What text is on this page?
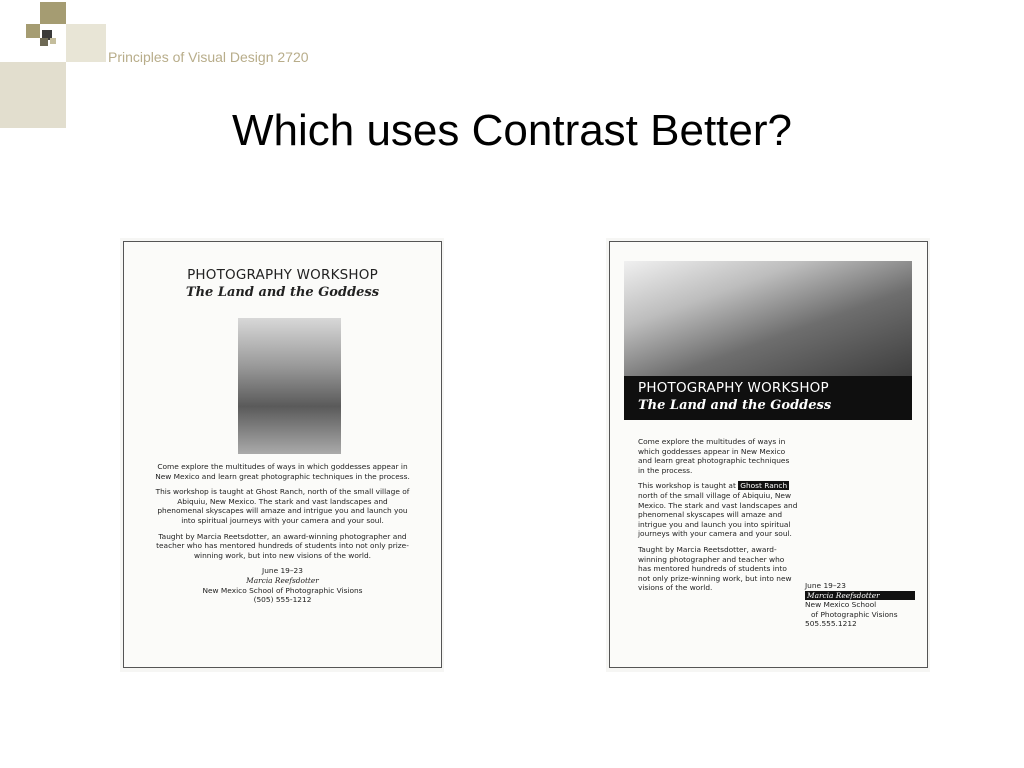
Principles of Visual Design 2720
Which uses Contrast Better?
PHOTOGRAPHY WORKSHOP
The Land and the Goddess

Come explore the multitudes of ways in which goddesses appear in New Mexico and learn great photographic techniques in the process.

This workshop is taught at Ghost Ranch, north of the small village of Abiquiu, New Mexico. The stark and vast landscapes and phenomenal skyscapes will amaze and intrigue you and launch you into spiritual journeys with your camera and your soul.

Taught by Marcia Reetsdotter, an award-winning photographer and teacher who has mentored hundreds of students into not only prize-winning work, but into new visions of the world.

June 19–23
Marcia Reefsdotter
New Mexico School of Photographic Visions
(505) 555-1212
PHOTOGRAPHY WORKSHOP
The Land and the Goddess

Come explore the multitudes of ways in which goddesses appear in New Mexico and learn great photographic techniques in the process.

This workshop is taught at Ghost Ranch north of the small village of Abiquiu, New Mexico. The stark and vast landscapes and phenomenal skyscapes will amaze and intrigue you and launch you into spiritual journeys with your camera and your soul.

Taught by Marcia Reetsdotter, award-winning photographer and teacher who has mentored hundreds of students into not only prize-winning work, but into new visions of the world.	June 19–23
Marcia Reefsdotter
New Mexico School
of Photographic Visions
505.555.1212
